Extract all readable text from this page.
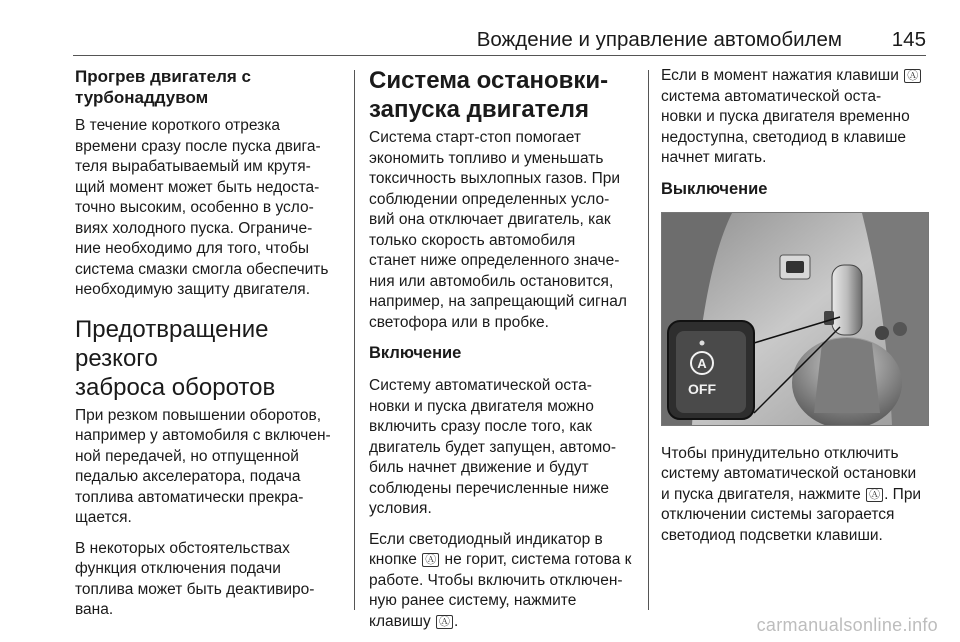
Вождение и управление автомобилем 145
Прогрев двигателя с
турбонаддувом
В течение короткого отрезка
времени сразу после пуска двига-
теля вырабатываемый им крутя-
щий момент может быть недоста-
точно высоким, особенно в усло-
виях холодного пуска. Ограниче-
ние необходимо для того, чтобы
система смазки смогла обеспечить
необходимую защиту двигателя.
Предотвращение резкого
заброса оборотов
При резком повышении оборотов,
например у автомобиля с включен-
ной передачей, но отпущенной
педалью акселератора, подача
топлива автоматически прекра-
щается.
В некоторых обстоятельствах
функция отключения подачи
топлива может быть деактивиро-
вана.
Система остановки-
запуска двигателя
Система старт-стоп помогает
экономить топливо и уменьшать
токсичность выхлопных газов. При
соблюдении определенных усло-
вий она отключает двигатель, как
только скорость автомобиля
станет ниже определенного значе-
ния или автомобиль остановится,
например, на запрещающий сигнал
светофора или в пробке.
Включение
Систему автоматической оста-
новки и пуска двигателя можно
включить сразу после того, как
двигатель будет запущен, автомо-
биль начнет движение и будут
соблюдены перечисленные ниже
условия.
Если светодиодный индикатор в
кнопке Ⓐ не горит, система готова к
работе. Чтобы включить отключен-
ную ранее систему, нажмите
клавишу Ⓐ .
Если в момент нажатия клавиши Ⓐ
система автоматической оста-
новки и пуска двигателя временно
недоступна, светодиод в клавише
начнет мигать.
Выключение
A
OFF
Чтобы принудительно отключить
систему автоматической остановки
и пуска двигателя, нажмите Ⓐ . При
отключении системы загорается
светодиод подсветки клавиши.
carmanualsonline.info
